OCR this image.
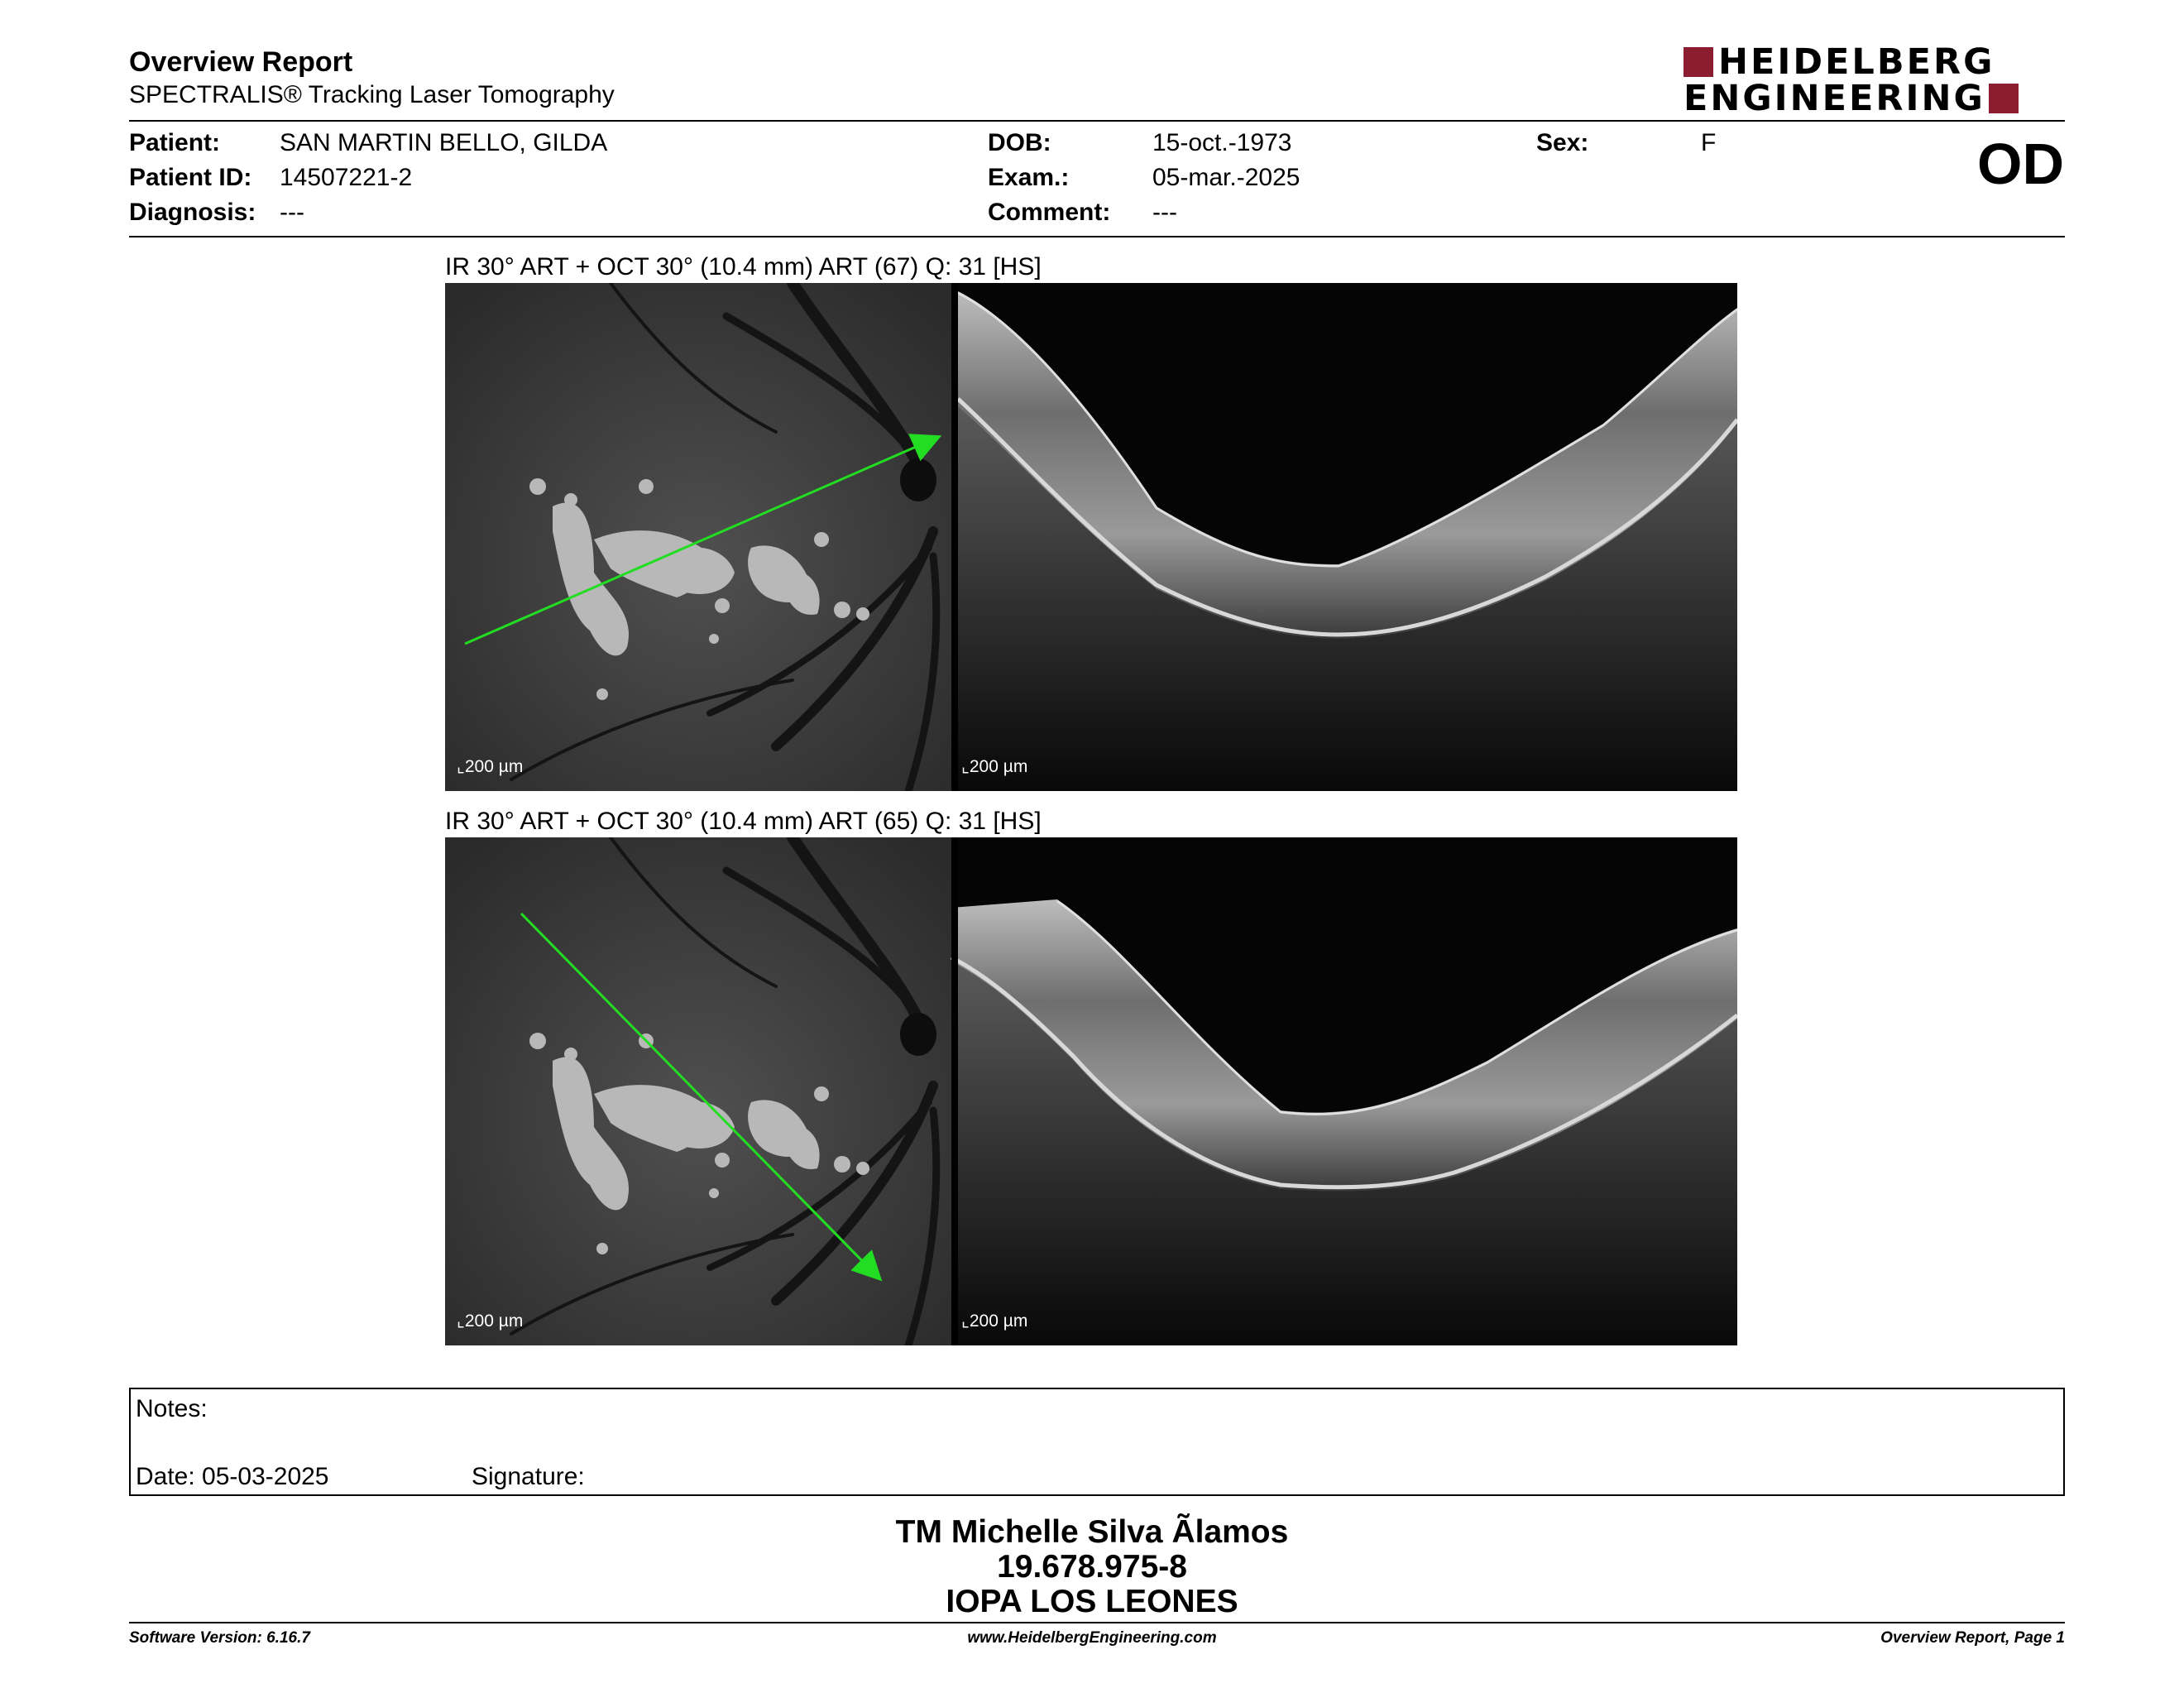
Overview Report
SPECTRALIS® Tracking Laser Tomography
HEIDELBERG
ENGINEERING
Patient: SAN MARTIN BELLO, GILDA
Patient ID: 14507221-2
Diagnosis: ---
DOB:	15-oct.-1973
Exam.:	05-mar.-2025
Comment: ---
Sex:	F	OD
IR 30° ART + OCT 30° (10.4 mm) ART (67) Q: 31 [HS]
⌞200 µm	⌞200 µm
IR 30° ART + OCT 30° (10.4 mm) ART (65) Q: 31 [HS]
⌞200 µm	⌞200 µm
Notes:
Date: 05-03-2025	Signature:
TM Michelle Silva Ãlamos
19.678.975-8
IOPA LOS LEONES
Software Version: 6.16.7	www.HeidelbergEngineering.com	Overview Report, Page 1
